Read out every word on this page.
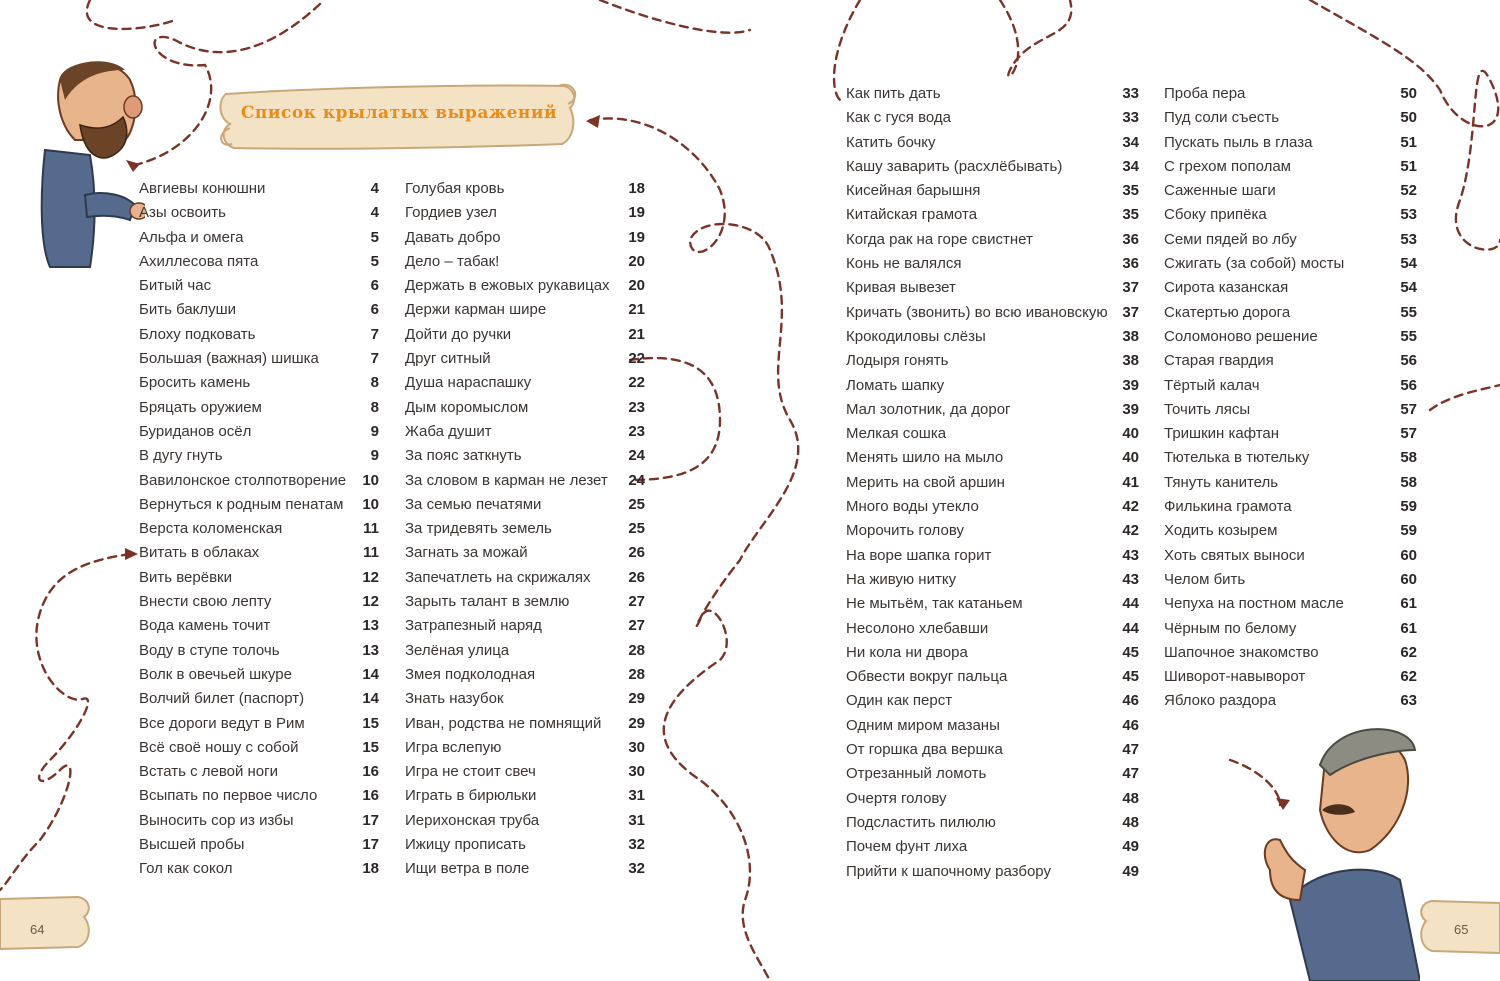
Список крылатых выражений
Авгиевы конюшни	4
Азы освоить	4
Альфа и омега	5
Ахиллесова пята	5
Битый час	6
Бить баклуши	6
Блоху подковать	7
Большая (важная) шишка	7
Бросить камень	8
Бряцать оружием	8
Буриданов осёл	9
В дугу гнуть	9
Вавилонское столпотворение 10
Вернуться к родным пенатам 10
Верста коломенская	11
Витать в облаках	11
Вить верёвки	12
Внести свою лепту	12
Вода камень точит	13
Воду в ступе толочь	13
Волк в овечьей шкуре	14
Волчий билет (паспорт)	14
Все дороги ведут в Рим	15
Всё своё ношу с собой	15
Встать с левой ноги	16
Всыпать по первое число	16
Выносить сор из избы	17
Высшей пробы	17
Гол как сокол	18
Голубая кровь	18
Гордиев узел	19
Давать добро	19
Дело – табак!	20
Держать в ежовых рукавицах 20
Держи карман шире	21
Дойти до ручки	21
Друг ситный	22
Душа нараспашку	22
Дым коромыслом	23
Жаба душит	23
За пояс заткнуть	24
За словом в карман не лезет 24
За семью печатями	25
За тридевять земель	25
Загнать за можай	26
Запечатлеть на скрижалях	26
Зарыть талант в землю	27
Затрапезный наряд	27
Зелёная улица	28
Змея подколодная	28
Знать назубок	29
Иван, родства не помнящий 29
Игра вслепую	30
Игра не стоит свеч	30
Играть в бирюльки	31
Иерихонская труба	31
Ижицу прописать	32
Ищи ветра в поле	32
Как пить дать	33
Как с гуся вода	33
Катить бочку	34
Кашу заварить (расхлёбывать)	34
Кисейная барышня	35
Китайская грамота	35
Когда рак на горе свистнет	36
Конь не валялся	36
Кривая вывезет	37
Кричать (звонить) во всю ивановскую 37
Крокодиловы слёзы	38
Лодыря гонять	38
Ломать шапку	39
Мал золотник, да дорог	39
Мелкая сошка	40
Менять шило на мыло	40
Мерить на свой аршин	41
Много воды утекло	42
Морочить голову	42
На воре шапка горит	43
На живую нитку	43
Не мытьём, так катаньем	44
Несолоно хлебавши	44
Ни кола ни двора	45
Обвести вокруг пальца	45
Один как перст	46
Одним миром мазаны	46
От горшка два вершка	47
Отрезанный ломоть	47
Очертя голову	48
Подсластить пилюлю	48
Почем фунт лиха	49
Прийти к шапочному разбору	49
Проба пера	50
Пуд соли съесть	50
Пускать пыль в глаза	51
С грехом пополам	51
Саженные шаги	52
Сбоку припёка	53
Семи пядей во лбу	53
Сжигать (за собой) мосты	54
Сирота казанская	54
Скатертью дорога	55
Соломоново решение	55
Старая гвардия	56
Тёртый калач	56
Точить лясы	57
Тришкин кафтан	57
Тютелька в тютельку	58
Тянуть канитель	58
Филькина грамота	59
Ходить козырем	59
Хоть святых выноси	60
Челом бить	60
Чепуха на постном масле	61
Чёрным по белому	61
Шапочное знакомство	62
Шиворот-навыворот	62
Яблоко раздора	63
64	65
